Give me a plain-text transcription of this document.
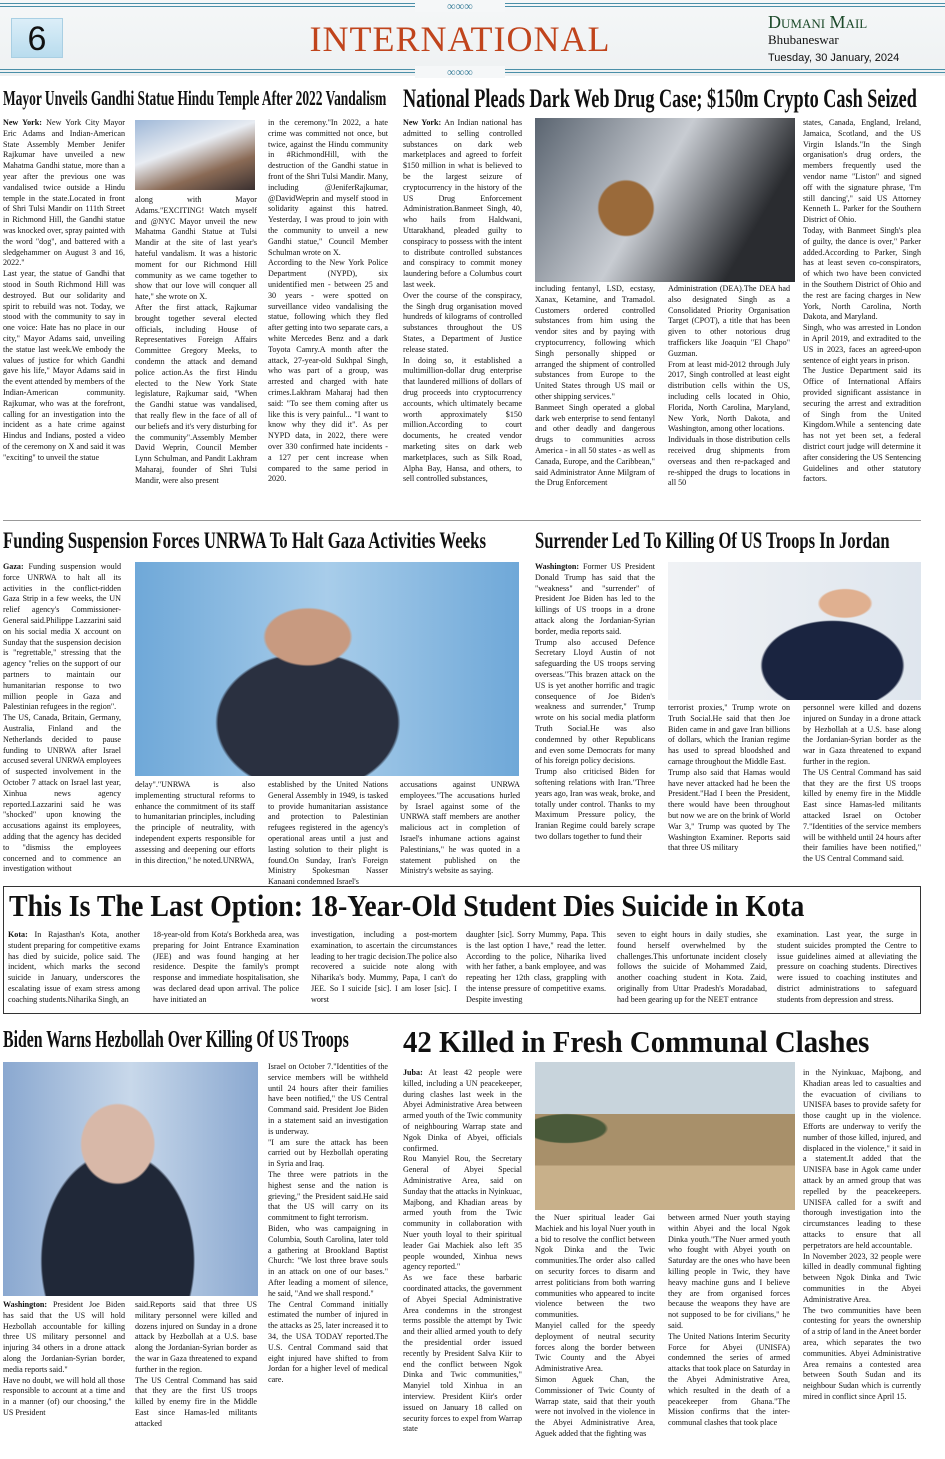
∞∞∞
6	INTERNATIONAL	Dumani Mail
Bhubaneswar
Tuesday, 30 January, 2024
∞∞∞
Mayor Unveils Gandhi Statue Hindu Temple After 2022 Vandalism
New York: New York City Mayor Eric Adams and Indian-American State Assembly Member Jenifer Rajkumar have unveiled a new Mahatma Gandhi statue, more than a year after the previous one was vandalised twice outside a Hindu temple in the state.Located in front of Shri Tulsi Mandir on 111th Street in Richmond Hill, the Gandhi statue was knocked over, spray painted with the word "dog", and battered with a sledgehammer on August 3 and 16, 2022."
Last year, the statue of Gandhi that stood in South Richmond Hill was destroyed. But our solidarity and spirit to rebuild was not. Today, we stood with the community to say in one voice: Hate has no place in our city," Mayor Adams said, unveiling the statue last week.We embody the values of justice for which Gandhi gave his life," Mayor Adams said in the event attended by members of the Indian-American community. Rajkumar, who was at the forefront, calling for an investigation into the incident as a hate crime against Hindus and Indians, posted a video of the ceremony on X and said it was "exciting" to unveil the statue
along with Mayor Adams."EXCITING! Watch myself and @NYC Mayor unveil the new Mahatma Gandhi Statue at Tulsi Mandir at the site of last year's hateful vandalism. It was a historic moment for our Richmond Hill community as we came together to show that our love will conquer all hate," she wrote on X.
After the first attack, Rajkumar brought together several elected officials, including House of Representatives Foreign Affairs Committee Gregory Meeks, to condemn the attack and demand police action.As the first Hindu elected to the New York State legislature, Rajkumar said, "When the Gandhi statue was vandalised, that really flew in the face of all of our beliefs and it's very disturbing for the community".Assembly Member David Weprin, Council Member Lynn Schulman, and Pandit Lakhram Maharaj, founder of Shri Tulsi Mandir, were also present
in the ceremony."In 2022, a hate crime was committed not once, but twice, against the Hindu community in #RichmondHill, with the destruction of the Gandhi statue in front of the Shri Tulsi Mandir. Many, including @JeniferRajkumar, @DavidWeprin and myself stood in solidarity against this hatred. Yesterday, I was proud to join with the community to unveil a new Gandhi statue," Council Member Schulman wrote on X.
According to the New York Police Department (NYPD), six unidentified men - between 25 and 30 years - were spotted on surveillance video vandalising the statue, following which they fled after getting into two separate cars, a white Mercedes Benz and a dark Toyota Camry.A month after the attack, 27-year-old Sukhpal Singh, who was part of a group, was arrested and charged with hate crimes.Lakhram Maharaj had then said: "To see them coming after us like this is very painful... "I want to know why they did it". As per NYPD data, in 2022, there were over 330 confirmed hate incidents - a 127 per cent increase when compared to the same period in 2020.
National Pleads Dark Web Drug Case; $150m Crypto Cash Seized
New York: An Indian national has admitted to selling controlled substances on dark web marketplaces and agreed to forfeit $150 million in what is believed to be the largest seizure of cryptocurrency in the history of the US Drug Enforcement Administration.Banmeet Singh, 40, who hails from Haldwani, Uttarakhand, pleaded guilty to conspiracy to possess with the intent to distribute controlled substances and conspiracy to commit money laundering before a Columbus court last week.
Over the course of the conspiracy, the Singh drug organisation moved hundreds of kilograms of controlled substances throughout the US States, a Department of Justice release stated.
In doing so, it established a multimillion-dollar drug enterprise that laundered millions of dollars of drug proceeds into cryptocurrency accounts, which ultimately became worth approximately $150 million.According to court documents, he created vendor marketing sites on dark web marketplaces, such as Silk Road, Alpha Bay, Hansa, and others, to sell controlled substances,
including fentanyl, LSD, ecstasy, Xanax, Ketamine, and Tramadol. Customers ordered controlled substances from him using the vendor sites and by paying with cryptocurrency, following which Singh personally shipped or arranged the shipment of controlled substances from Europe to the United States through US mail or other shipping services."
Banmeet Singh operated a global dark web enterprise to send fentanyl and other deadly and dangerous drugs to communities across America - in all 50 states - as well as Canada, Europe, and the Caribbean," said Administrator Anne Milgram of the Drug Enforcement
Administration (DEA).The DEA had also designated Singh as a Consolidated Priority Organisation Target (CPOT), a title that has been given to other notorious drug traffickers like Joaquin "El Chapo" Guzman.
From at least mid-2012 through July 2017, Singh controlled at least eight distribution cells within the US, including cells located in Ohio, Florida, North Carolina, Maryland, New York, North Dakota, and Washington, among other locations.
Individuals in those distribution cells received drug shipments from overseas and then re-packaged and re-shipped the drugs to locations in all 50
states, Canada, England, Ireland, Jamaica, Scotland, and the US Virgin Islands."In the Singh organisation's drug orders, the members frequently used the vendor name "Liston" and signed off with the signature phrase, 'I'm still dancing'," said US Attorney Kenneth L. Parker for the Southern District of Ohio.
Today, with Banmeet Singh's plea of guilty, the dance is over," Parker added.According to Parker, Singh has at least seven co-conspirators, of which two have been convicted in the Southern District of Ohio and the rest are facing charges in New York, North Carolina, North Dakota, and Maryland.
Singh, who was arrested in London in April 2019, and extradited to the US in 2023, faces an agreed-upon sentence of eight years in prison.
The Justice Department said its Office of International Affairs provided significant assistance in securing the arrest and extradition of Singh from the United Kingdom.While a sentencing date has not yet been set, a federal district court judge will determine it after considering the US Sentencing Guidelines and other statutory factors.
Funding Suspension Forces UNRWA To Halt Gaza Activities Weeks
Gaza: Funding suspension would force UNRWA to halt all its activities in the conflict-ridden Gaza Strip in a few weeks, the UN relief agency's Commissioner-General said.Philippe Lazzarini said on his social media X account on Sunday that the suspension decision is "regrettable," stressing that the agency "relies on the support of our partners to maintain our humanitarian response to two million people in Gaza and Palestinian refugees in the region".
The US, Canada, Britain, Germany, Australia, Finland and the Netherlands decided to pause funding to UNRWA after Israel accused several UNRWA employees of suspected involvement in the October 7 attack on Israel last year, Xinhua news agency reported.Lazzarini said he was "shocked" upon knowing the accusations against its employees, adding that the agency has decided to "dismiss the employees concerned and to commence an investigation without
delay"."UNRWA is also implementing structural reforms to enhance the commitment of its staff to humanitarian principles, including the principle of neutrality, with independent experts responsible for assessing and deepening our efforts in this direction," he noted.UNRWA,
established by the United Nations General Assembly in 1949, is tasked to provide humanitarian assistance and protection to Palestinian refugees registered in the agency's operational areas until a just and lasting solution to their plight is found.On Sunday, Iran's Foreign Ministry Spokesman Nasser Kanaani condemned Israel's
accusations against UNRWA employees."The accusations hurled by Israel against some of the UNRWA staff members are another malicious act in completion of Israel's inhumane actions against Palestinians," he was quoted in a statement published on the Ministry's website as saying.
Surrender Led To Killing Of US Troops In Jordan
Washington: Former US President Donald Trump has said that the "weakness" and "surrender" of President Joe Biden has led to the killings of US troops in a drone attack along the Jordanian-Syrian border, media reports said.
Trump also accused Defence Secretary Lloyd Austin of not safeguarding the US troops serving overseas."This brazen attack on the US is yet another horrific and tragic consequence of Joe Biden's weakness and surrender," Trump wrote on his social media platform Truth Social.He was also condemned by other Republicans and even some Democrats for many of his foreign policy decisions.
Trump also criticised Biden for softening relations with Iran."Three years ago, Iran was weak, broke, and totally under control. Thanks to my Maximum Pressure policy, the Iranian Regime could barely scrape two dollars together to fund their
terrorist proxies," Trump wrote on Truth Social.He said that then Joe Biden came in and gave Iran billions of dollars, which the Iranian regime has used to spread bloodshed and carnage throughout the Middle East.
Trump also said that Hamas would have never attacked had he been the President."Had I been the President, there would have been throughout but now we are on the brink of World War 3," Trump was quoted by The Washington Examiner. Reports said that three US military
personnel were killed and dozens injured on Sunday in a drone attack by Hezbollah at a U.S. base along the Jordanian-Syrian border as the war in Gaza threatened to expand further in the region.
The US Central Command has said that they are the first US troops killed by enemy fire in the Middle East since Hamas-led militants attacked Israel on October 7."Identities of the service members will be withheld until 24 hours after their families have been notified," the US Central Command said.
This Is The Last Option: 18-Year-Old Student Dies Suicide in Kota
Kota: In Rajasthan's Kota, another student preparing for competitive exams has died by suicide, police said. The incident, which marks the second suicide in January, underscores the escalating issue of exam stress among coaching students.Niharika Singh, an
18-year-old from Kota's Borkheda area, was preparing for Joint Entrance Examination (JEE) and was found hanging at her residence. Despite the family's prompt response and immediate hospitalisation, she was declared dead upon arrival. The police have initiated an
investigation, including a post-mortem examination, to ascertain the circumstances leading to her tragic decision.The police also recovered a suicide note along with Niharika's body. Mummy, Papa, I can't do JEE. So I suicide [sic]. I am loser [sic]. I worst
daughter [sic]. Sorry Mummy, Papa. This is the last option I have," read the letter. According to the police, Niharika lived with her father, a bank employee, and was repeating her 12th class, grappling with the intense pressure of competitive exams. Despite investing
seven to eight hours in daily studies, she found herself overwhelmed by the challenges.This unfortunate incident closely follows the suicide of Mohammed Zaid, another coaching student in Kota. Zaid, originally from Uttar Pradesh's Moradabad, had been gearing up for the NEET entrance
examination. Last year, the surge in student suicides prompted the Centre to issue guidelines aimed at alleviating the pressure on coaching students. Directives were issued to coaching institutes and district administrations to safeguard students from depression and stress.
Biden Warns Hezbollah Over Killing Of US Troops
Washington: President Joe Biden has said that the US will hold Hezbollah accountable for killing three US military personnel and injuring 34 others in a drone attack along the Jordanian-Syrian border, media reports said."
Have no doubt, we will hold all those responsible to account at a time and in a manner (of) our choosing," the US President
said.Reports said that three US military personnel were killed and dozens injured on Sunday in a drone attack by Hezbollah at a U.S. base along the Jordanian-Syrian border as the war in Gaza threatened to expand further in the region.
The US Central Command has said that they are the first US troops killed by enemy fire in the Middle East since Hamas-led militants attacked
Israel on October 7."Identities of the service members will be withheld until 24 hours after their families have been notified," the US Central Command said. President Joe Biden in a statement said an investigation is underway.
"I am sure the attack has been carried out by Hezbollah operating in Syria and Iraq.
The three were patriots in the highest sense and the nation is grieving," the President said.He said that the US will carry on its commitment to fight terrorism.
Biden, who was campaigning in Columbia, South Carolina, later told a gathering at Brookland Baptist Church: "We lost three brave souls in an attack on one of our bases." After leading a moment of silence, he said, "And we shall respond."
The Central Command initially estimated the number of injured in the attacks as 25, later increased it to 34, the USA TODAY reported.The U.S. Central Command said that eight injured have shifted to from Jordan for a higher level of medical care.
42 Killed in Fresh Communal Clashes
Juba: At least 42 people were killed, including a UN peacekeeper, during clashes last week in the Abyei Administrative Area between armed youth of the Twic community of neighbouring Warrap state and Ngok Dinka of Abyei, officials confirmed.
Rou Manyiel Rou, the Secretary General of Abyei Special Administrative Area, said on Sunday that the attacks in Nyinkuac, Majbong, and Khadian areas by armed youth from the Twic community in collaboration with Nuer youth loyal to their spiritual leader Gai Machiek also left 35 people wounded, Xinhua news agency reported."
As we face these barbaric coordinated attacks, the government of Abyei Special Administrative Area condemns in the strongest terms possible the attempt by Twic and their allied armed youth to defy the presidential order issued recently by President Salva Kiir to end the conflict between Ngok Dinka and Twic communities," Manyiel told Xinhua in an interview. President Kiir's order issued on January 18 called on security forces to expel from Warrap state
the Nuer spiritual leader Gai Machiek and his loyal Nuer youth in a bid to resolve the conflict between Ngok Dinka and the Twic communities.The order also called on security forces to disarm and arrest politicians from both warring communities who appeared to incite violence between the two communities.
Manyiel called for the speedy deployment of neutral security forces along the border between Twic County and the Abyei Administrative Area.
Simon Aguek Chan, the Commissioner of Twic County of Warrap state, said that their youth were not involved in the violence in the Abyei Administrative Area, Aguek added that the fighting was
between armed Nuer youth staying within Abyei and the local Ngok Dinka youth."The Nuer armed youth who fought with Abyei youth on Saturday are the ones who have been killing people in Twic, they have heavy machine guns and I believe they are from organised forces because the weapons they have are not supposed to be for civilians," he said.
The United Nations Interim Security Force for Abyei (UNISFA) condemned the series of armed attacks that took place on Saturday in the Abyei Administrative Area, which resulted in the death of a peacekeeper from Ghana."The Mission confirms that the inter-communal clashes that took place
in the Nyinkuac, Majbong, and Khadian areas led to casualties and the evacuation of civilians to UNISFA bases to provide safety for those caught up in the violence. Efforts are underway to verify the number of those killed, injured, and displaced in the violence," it said in a statement.It added that the UNISFA base in Agok came under attack by an armed group that was repelled by the peacekeepers. UNISFA called for a swift and thorough investigation into the circumstances leading to these attacks to ensure that all perpetrators are held accountable.
In November 2023, 32 people were killed in deadly communal fighting between Ngok Dinka and Twic communities in the Abyei Administrative Area.
The two communities have been contesting for years the ownership of a strip of land in the Aneet border area, which separates the two communities. Abyei Administrative Area remains a contested area between South Sudan and its neighbour Sudan which is currently mired in conflict since April 15.
